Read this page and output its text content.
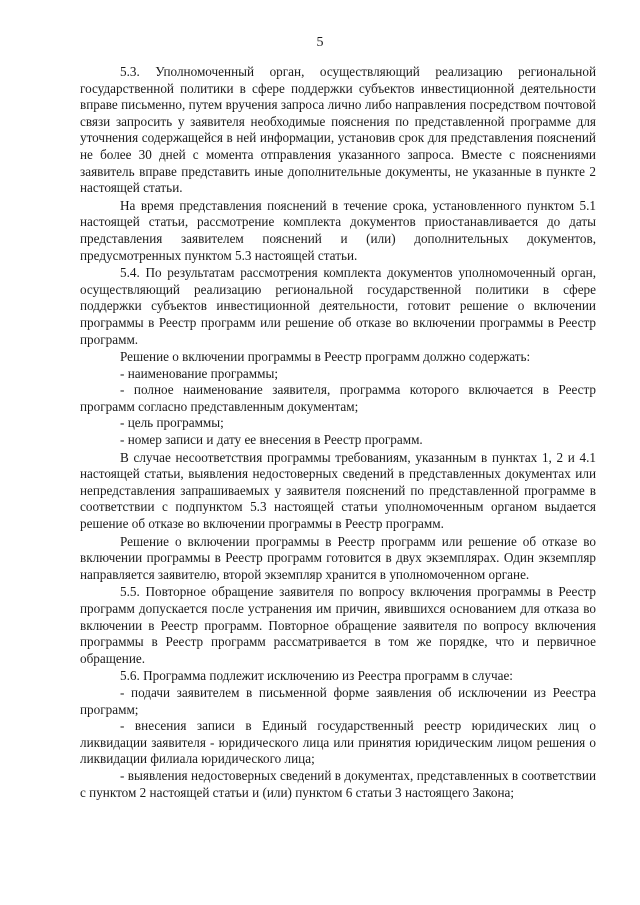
5

5.3. Уполномоченный орган, осуществляющий реализацию региональной государственной политики в сфере поддержки субъектов инвестиционной деятельности вправе письменно, путем вручения запроса лично либо направления посредством почтовой связи запросить у заявителя необходимые пояснения по представленной программе для уточнения содержащейся в ней информации, установив срок для представления пояснений не более 30 дней с момента отправления указанного запроса. Вместе с пояснениями заявитель вправе представить иные дополнительные документы, не указанные в пункте 2 настоящей статьи.

На время представления пояснений в течение срока, установленного пунктом 5.1 настоящей статьи, рассмотрение комплекта документов приостанавливается до даты представления заявителем пояснений и (или) дополнительных документов, предусмотренных пунктом 5.3 настоящей статьи.

5.4. По результатам рассмотрения комплекта документов уполномоченный орган, осуществляющий реализацию региональной государственной политики в сфере поддержки субъектов инвестиционной деятельности, готовит решение о включении программы в Реестр программ или решение об отказе во включении программы в Реестр программ.

Решение о включении программы в Реестр программ должно содержать:

- наименование программы;

- полное наименование заявителя, программа которого включается в Реестр программ согласно представленным документам;

- цель программы;

- номер записи и дату ее внесения в Реестр программ.

В случае несоответствия программы требованиям, указанным в пунктах 1, 2 и 4.1 настоящей статьи, выявления недостоверных сведений в представленных документах или непредставления запрашиваемых у заявителя пояснений по представленной программе в соответствии с подпунктом 5.3 настоящей статьи уполномоченным органом выдается решение об отказе во включении программы в Реестр программ.

Решение о включении программы в Реестр программ или решение об отказе во включении программы в Реестр программ готовится в двух экземплярах. Один экземпляр направляется заявителю, второй экземпляр хранится в уполномоченном органе.

5.5. Повторное обращение заявителя по вопросу включения программы в Реестр программ допускается после устранения им причин, явившихся основанием для отказа во включении в Реестр программ. Повторное обращение заявителя по вопросу включения программы в Реестр программ рассматривается в том же порядке, что и первичное обращение.

5.6. Программа подлежит исключению из Реестра программ в случае:

- подачи заявителем в письменной форме заявления об исключении из Реестра программ;

- внесения записи в Единый государственный реестр юридических лиц о ликвидации заявителя - юридического лица или принятия юридическим лицом решения о ликвидации филиала юридического лица;

- выявления недостоверных сведений в документах, представленных в соответствии с пунктом 2 настоящей статьи и (или) пунктом 6 статьи 3 настоящего Закона;
